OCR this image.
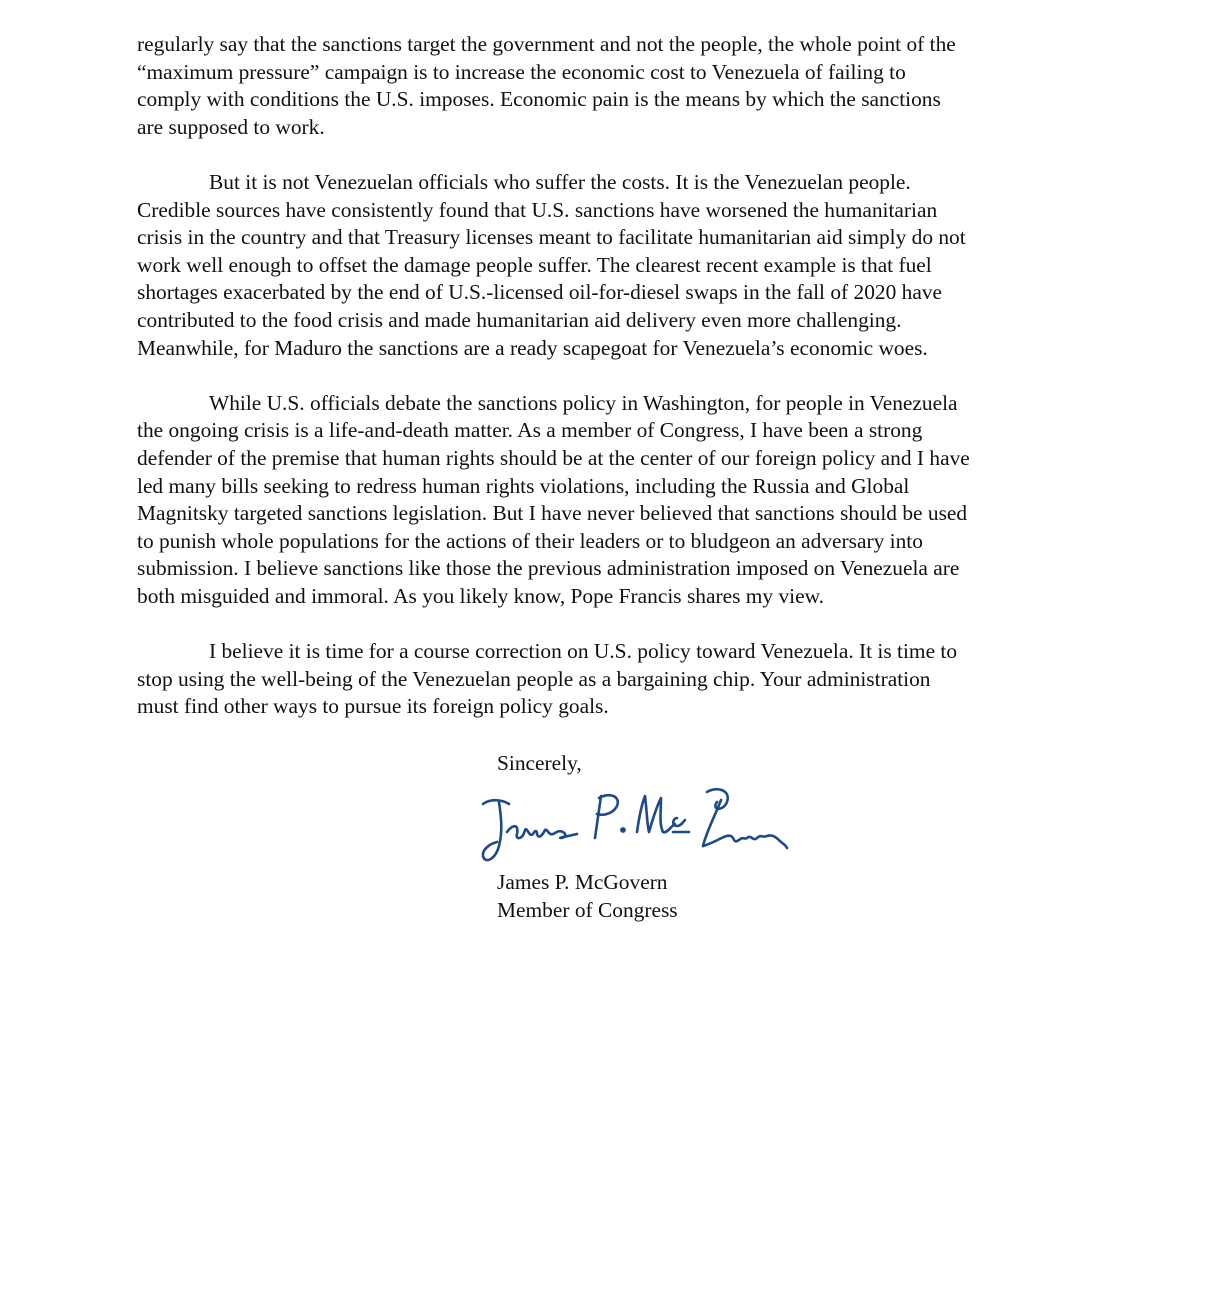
regularly say that the sanctions target the government and not the people, the whole point of the
“maximum pressure” campaign is to increase the economic cost to Venezuela of failing to
comply with conditions the U.S. imposes. Economic pain is the means by which the sanctions
are supposed to work.

But it is not Venezuelan officials who suffer the costs. It is the Venezuelan people.
Credible sources have consistently found that U.S. sanctions have worsened the humanitarian
crisis in the country and that Treasury licenses meant to facilitate humanitarian aid simply do not
work well enough to offset the damage people suffer. The clearest recent example is that fuel
shortages exacerbated by the end of U.S.-licensed oil-for-diesel swaps in the fall of 2020 have
contributed to the food crisis and made humanitarian aid delivery even more challenging.
Meanwhile, for Maduro the sanctions are a ready scapegoat for Venezuela’s economic woes.

While U.S. officials debate the sanctions policy in Washington, for people in Venezuela
the ongoing crisis is a life-and-death matter. As a member of Congress, I have been a strong
defender of the premise that human rights should be at the center of our foreign policy and I have
led many bills seeking to redress human rights violations, including the Russia and Global
Magnitsky targeted sanctions legislation. But I have never believed that sanctions should be used
to punish whole populations for the actions of their leaders or to bludgeon an adversary into
submission. I believe sanctions like those the previous administration imposed on Venezuela are
both misguided and immoral. As you likely know, Pope Francis shares my view.

I believe it is time for a course correction on U.S. policy toward Venezuela. It is time to
stop using the well-being of the Venezuelan people as a bargaining chip. Your administration
must find other ways to pursue its foreign policy goals.

Sincerely,
James P. McGovern
Member of Congress
